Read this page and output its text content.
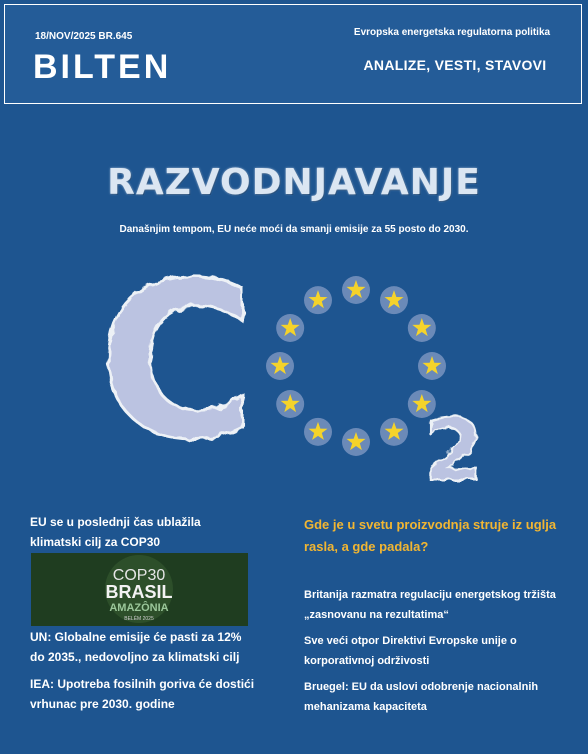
18/NOV/2025 BR.645
BILTEN
Evropska energetska regulatorna politika
ANALIZE, VESTI, STAVOVI
RAZVODNJAVANJE
Današnjim tempom, EU neće moći da smanji emisije za 55 posto do 2030.
C
O
2
EU se u poslednji čas ublažila klimatski cilj za COP30
COP30
BRASIL
AMAZÔNIA
BELÉM 2025
UN: Globalne emisije će pasti za 12% do 2035., nedovoljno za klimatski cilj
IEA: Upotreba fosilnih goriva će dostići vrhunac pre 2030. godine
Gde je u svetu proizvodnja struje iz uglja rasla, a gde padala?
Britanija razmatra regulaciju energetskog tržišta „zasnovanu na rezultatima“
Sve veći otpor Direktivi Evropske unije o korporativnoj održivosti
Bruegel: EU da uslovi odobrenje nacionalnih mehanizama kapaciteta
